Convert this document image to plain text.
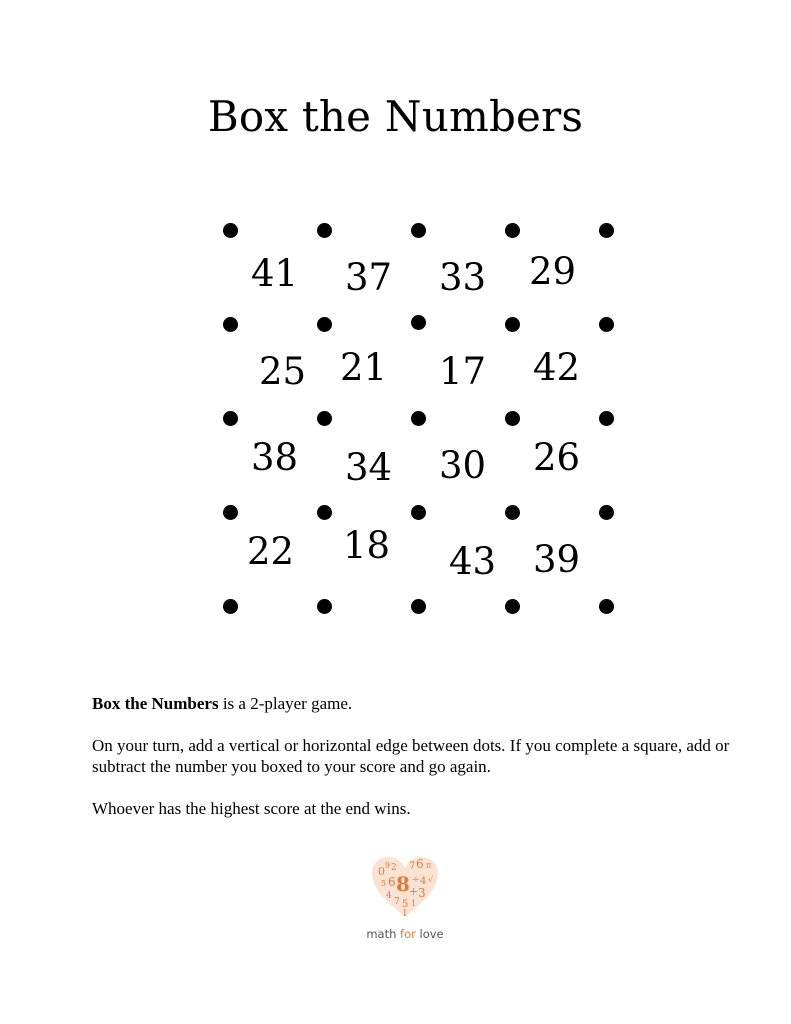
Box the Numbers
41 37 33 29
25 21 17 42
38 34 30 26
22 18 43 39

Box the Numbers is a 2-player game.

On your turn, add a vertical or horizontal edge between dots. If you complete a square, add or subtract the number you boxed to your score and go again.

Whoever has the highest score at the end wins.

0 9 2 7 6 π
5 6 8 ÷ 4 √
4 + 3
7 5 1
1
math for love
